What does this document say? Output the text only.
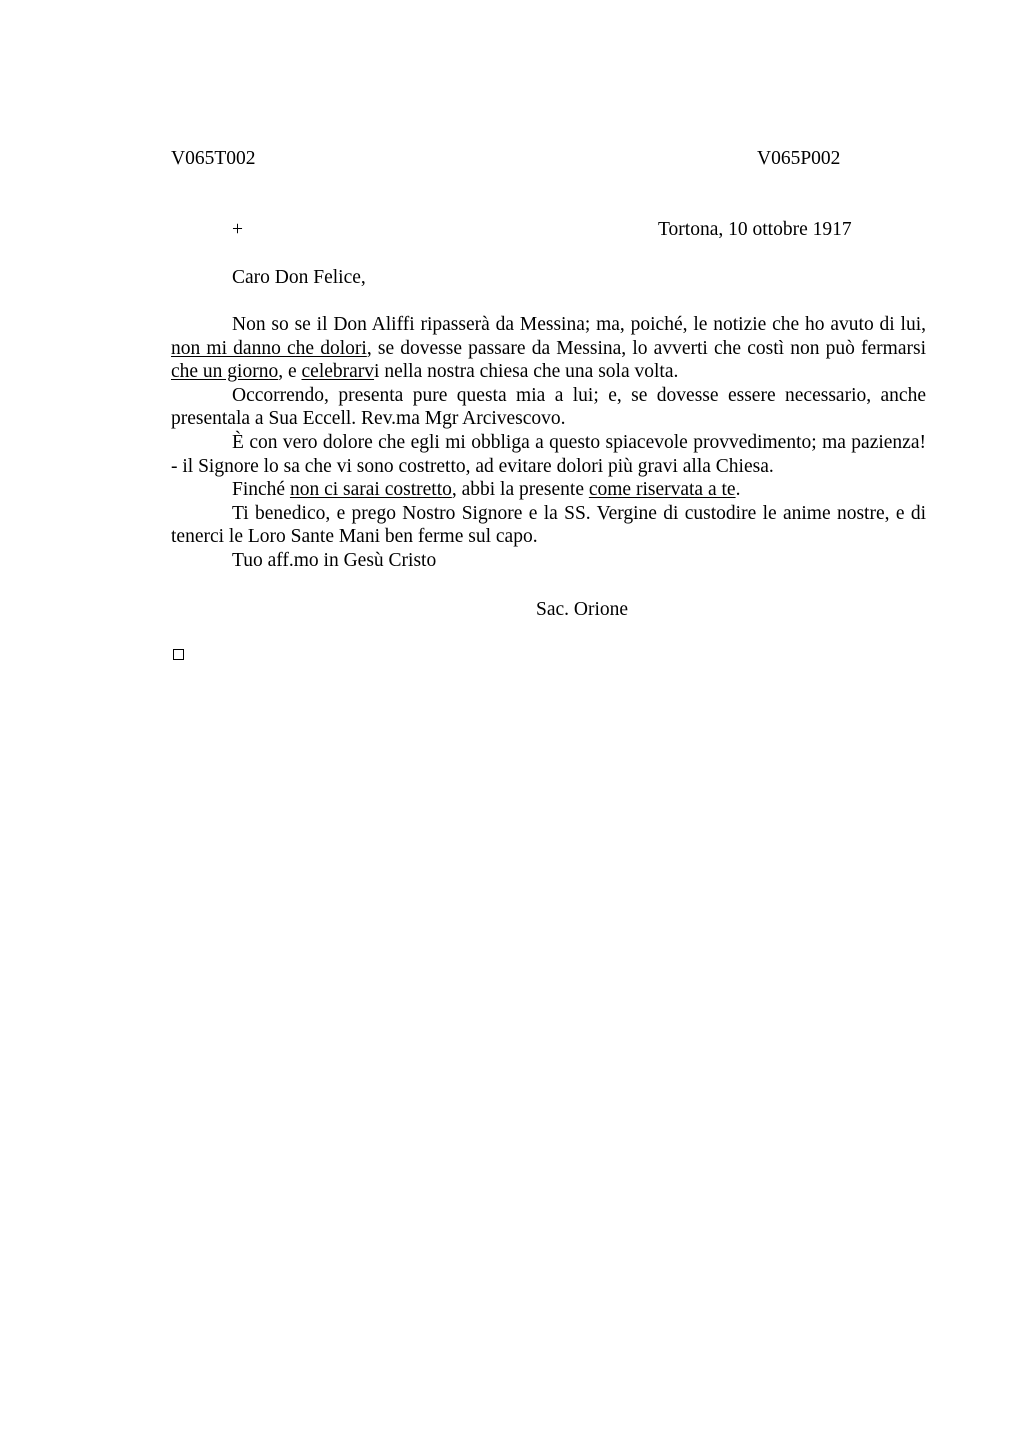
V065T002	V065P002
+	Tortona, 10 ottobre 1917
Caro Don Felice,

Non so se il Don Aliffi ripasserà da Messina; ma, poiché, le notizie che ho avuto di lui, non mi danno che dolori, se dovesse passare da Messina, lo avverti che costì non può fermarsi che un giorno, e celebrarvi nella nostra chiesa che una sola volta.

Occorrendo, presenta pure questa mia a lui; e, se dovesse essere necessario, anche presentala a Sua Eccell. Rev.ma Mgr Arcivescovo.

È con vero dolore che egli mi obbliga a questo spiacevole provvedimento; ma pazienza! - il Signore lo sa che vi sono costretto, ad evitare dolori più gravi alla Chiesa.

Finché non ci sarai costretto, abbi la presente come riservata a te.

Ti benedico, e prego Nostro Signore e la SS. Vergine di custodire le anime nostre, e di tenerci le Loro Sante Mani ben ferme sul capo.

Tuo aff.mo in Gesù Cristo

Sac. Orione
